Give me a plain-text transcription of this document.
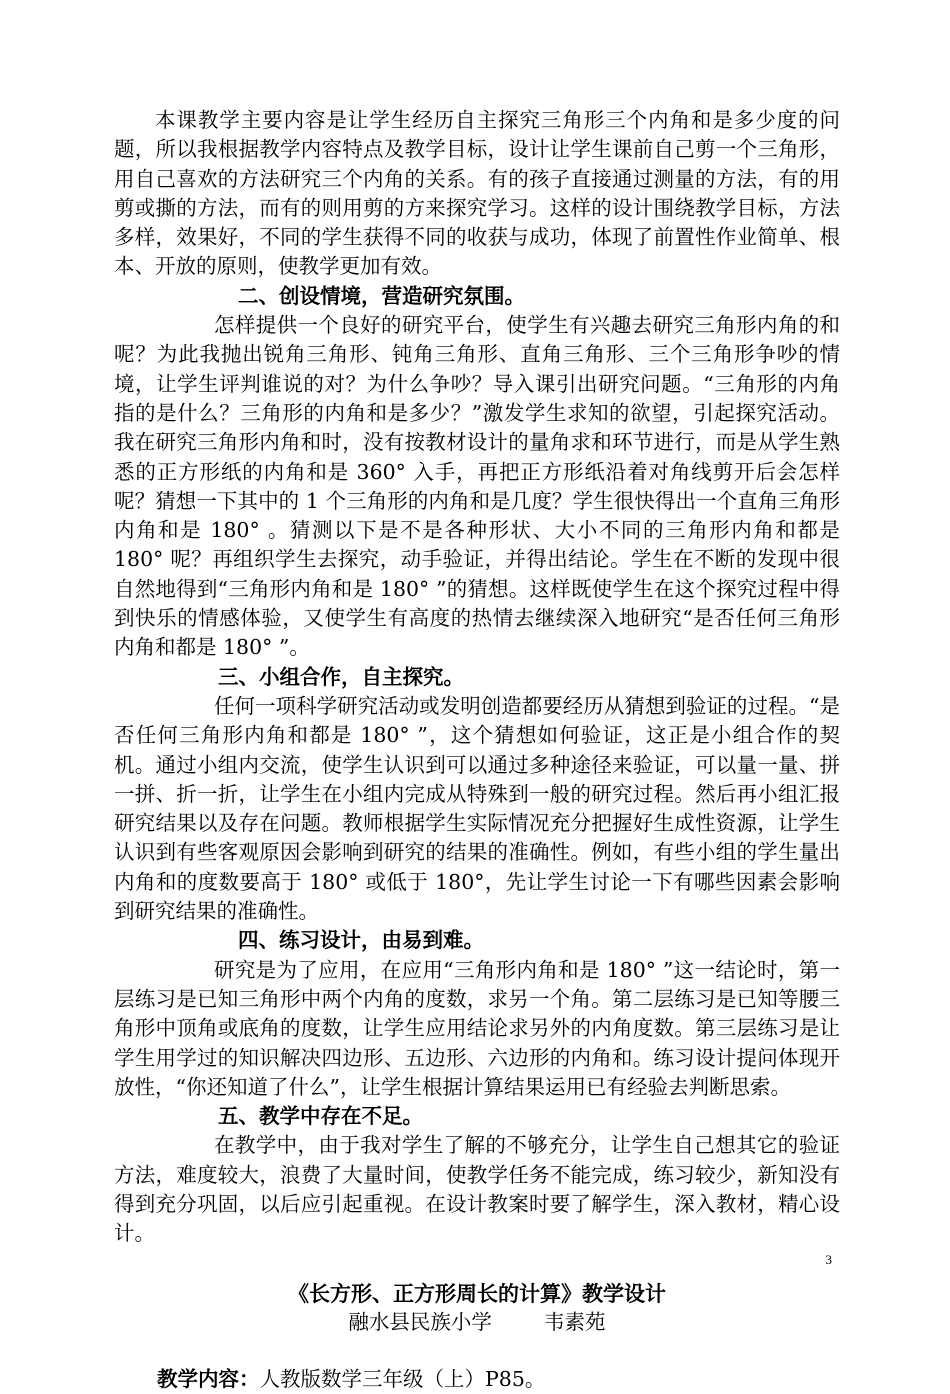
本课教学主要内容是让学生经历自主探究三角形三个内角和是多少度的问题，所以我根据教学内容特点及教学目标，设计让学生课前自己剪一个三角形，用自己喜欢的方法研究三个内角的关系。有的孩子直接通过测量的方法，有的用剪或撕的方法，而有的则用剪的方来探究学习。这样的设计围绕教学目标，方法多样，效果好，不同的学生获得不同的收获与成功，体现了前置性作业简单、根本、开放的原则，使教学更加有效。

二、创设情境，营造研究氛围。

怎样提供一个良好的研究平台，使学生有兴趣去研究三角形内角的和呢？为此我抛出锐角三角形、钝角三角形、直角三角形、三个三角形争吵的情境，让学生评判谁说的对？为什么争吵？导入课引出研究问题。“三角形的内角指的是什么？三角形的内角和是多少？”激发学生求知的欲望，引起探究活动。我在研究三角形内角和时，没有按教材设计的量角求和环节进行，而是从学生熟悉的正方形纸的内角和是 360° 入手，再把正方形纸沿着对角线剪开后会怎样呢？猜想一下其中的 1 个三角形的内角和是几度？学生很快得出一个直角三角形内角和是 180° 。猜测以下是不是各种形状、大小不同的三角形内角和都是 180° 呢？再组织学生去探究，动手验证，并得出结论。学生在不断的发现中很自然地得到“三角形内角和是 180° ”的猜想。这样既使学生在这个探究过程中得到快乐的情感体验，又使学生有高度的热情去继续深入地研究“是否任何三角形内角和都是 180° ”。

三、小组合作，自主探究。

任何一项科学研究活动或发明创造都要经历从猜想到验证的过程。“是否任何三角形内角和都是 180° ”，这个猜想如何验证，这正是小组合作的契机。通过小组内交流，使学生认识到可以通过多种途径来验证，可以量一量、拼一拼、折一折，让学生在小组内完成从特殊到一般的研究过程。然后再小组汇报研究结果以及存在问题。教师根据学生实际情况充分把握好生成性资源，让学生认识到有些客观原因会影响到研究的结果的准确性。例如，有些小组的学生量出内角和的度数要高于 180° 或低于 180°，先让学生讨论一下有哪些因素会影响到研究结果的准确性。

四、练习设计，由易到难。

研究是为了应用，在应用“三角形内角和是 180° ”这一结论时，第一层练习是已知三角形中两个内角的度数，求另一个角。第二层练习是已知等腰三角形中顶角或底角的度数，让学生应用结论求另外的内角度数。第三层练习是让学生用学过的知识解决四边形、五边形、六边形的内角和。练习设计提问体现开放性，“你还知道了什么”，让学生根据计算结果运用已有经验去判断思索。

五、教学中存在不足。

在教学中，由于我对学生了解的不够充分，让学生自己想其它的验证方法，难度较大，浪费了大量时间，使教学任务不能完成，练习较少，新知没有得到充分巩固，以后应引起重视。在设计教案时要了解学生，深入教材，精心设计。

《长方形、正方形周长的计算》教学设计

融水县民族小学        韦素苑

教学内容：人教版数学三年级（上）P85。

3
